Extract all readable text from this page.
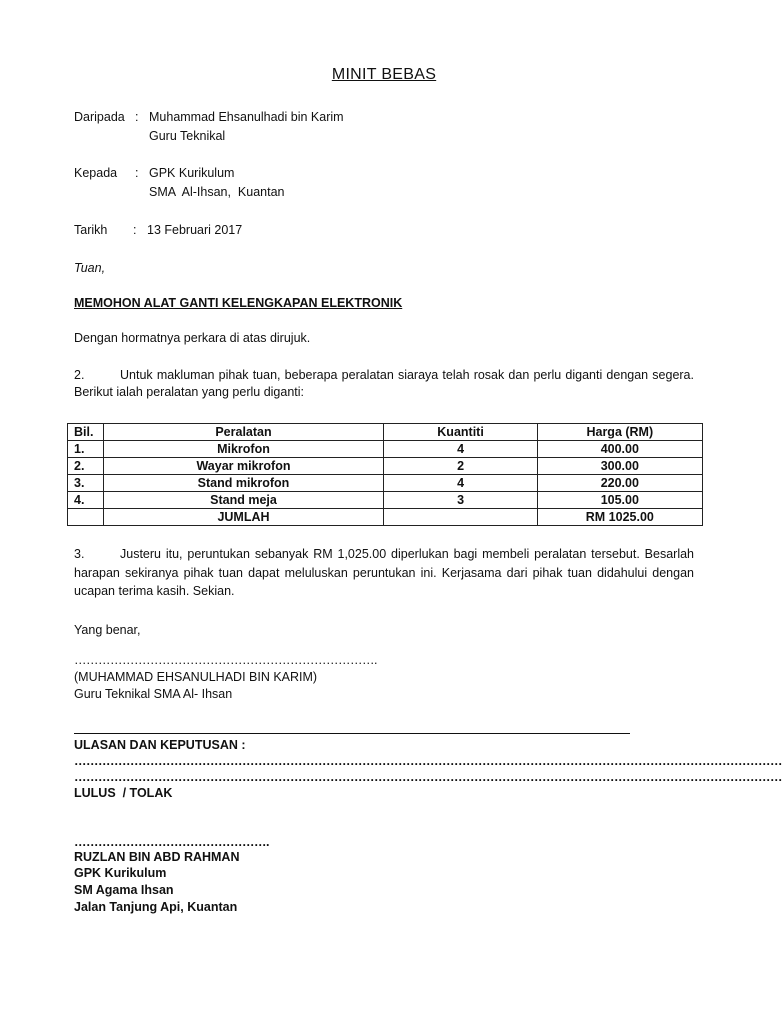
MINIT BEBAS
Daripada : Muhammad Ehsanulhadi bin Karim
Guru Teknikal
Kepada : GPK Kurikulum
SMA  Al-Ihsan,  Kuantan
Tarikh : 13 Februari 2017
Tuan,
MEMOHON ALAT GANTI KELENGKAPAN ELEKTRONIK
Dengan hormatnya perkara di atas dirujuk.
2.	Untuk makluman pihak tuan, beberapa peralatan siaraya telah rosak dan perlu diganti dengan segera. Berikut ialah peralatan yang perlu diganti:
Bil.	Peralatan	Kuantiti	Harga (RM)
1.	Mikrofon	4	400.00
2.	Wayar mikrofon	2	300.00
3.	Stand mikrofon	4	220.00
4.	Stand meja	3	105.00
	JUMLAH		RM 1025.00
3.	Justeru itu, peruntukan sebanyak RM 1,025.00 diperlukan bagi membeli peralatan tersebut. Besarlah harapan sekiranya pihak tuan dapat meluluskan peruntukan ini. Kerjasama dari pihak tuan didahului dengan ucapan terima kasih. Sekian.
Yang benar,
………………………………………………………………….
(MUHAMMAD EHSANULHADI BIN KARIM)
Guru Teknikal SMA Al- Ihsan
ULASAN DAN KEPUTUSAN :
……………………………………………………………………………………………………………………………………………………………
……………………………………………………………………………………………………………………………………………………………
LULUS  / TOLAK
………………………………………….
RUZLAN BIN ABD RAHMAN
GPK Kurikulum
SM Agama Ihsan
Jalan Tanjung Api, Kuantan
